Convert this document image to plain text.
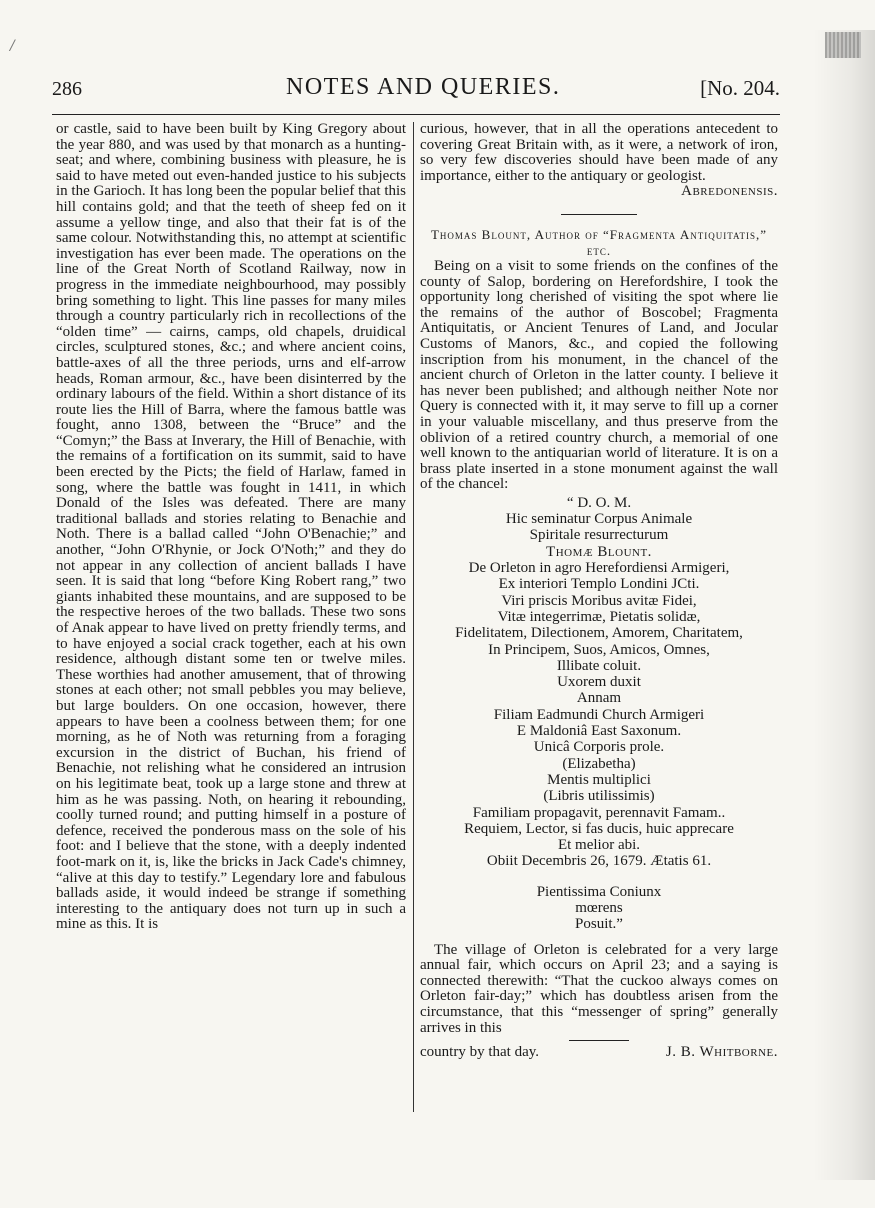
/
286	NOTES AND QUERIES.	[No. 204.

or castle, said to have been built by King Gregory about the year 880, and was used by that monarch as a hunting-seat; and where, combining business with pleasure, he is said to have meted out even-handed justice to his subjects in the Garioch. It has long been the popular belief that this hill contains gold; and that the teeth of sheep fed on it assume a yellow tinge, and also that their fat is of the same colour. Notwithstanding this, no attempt at scientific investigation has ever been made. The operations on the line of the Great North of Scotland Railway, now in progress in the immediate neighbourhood, may possibly bring something to light. This line passes for many miles through a country particularly rich in recollections of the “olden time” — cairns, camps, old chapels, druidical circles, sculptured stones, &c.; and where ancient coins, battle-axes of all the three periods, urns and elf-arrow heads, Roman armour, &c., have been disinterred by the ordinary labours of the field. Within a short distance of its route lies the Hill of Barra, where the famous battle was fought, anno 1308, between the “Bruce” and the “Comyn;” the Bass at Inverary, the Hill of Benachie, with the remains of a fortification on its summit, said to have been erected by the Picts; the field of Harlaw, famed in song, where the battle was fought in 1411, in which Donald of the Isles was defeated. There are many traditional ballads and stories relating to Benachie and Noth. There is a ballad called “John O'Benachie;” and another, “John O'Rhynie, or Jock O'Noth;” and they do not appear in any collection of ancient ballads I have seen. It is said that long “before King Robert rang,” two giants inhabited these mountains, and are supposed to be the respective heroes of the two ballads. These two sons of Anak appear to have lived on pretty friendly terms, and to have enjoyed a social crack together, each at his own residence, although distant some ten or twelve miles. These worthies had another amusement, that of throwing stones at each other; not small pebbles you may believe, but large boulders. On one occasion, however, there appears to have been a coolness between them; for one morning, as he of Noth was returning from a foraging excursion in the district of Buchan, his friend of Benachie, not relishing what he considered an intrusion on his legitimate beat, took up a large stone and threw at him as he was passing. Noth, on hearing it rebounding, coolly turned round; and putting himself in a posture of defence, received the ponderous mass on the sole of his foot: and I believe that the stone, with a deeply indented foot-mark on it, is, like the bricks in Jack Cade's chimney, “alive at this day to testify.” Legendary lore and fabulous ballads aside, it would indeed be strange if something interesting to the antiquary does not turn up in such a mine as this. It is

curious, however, that in all the operations antecedent to covering Great Britain with, as it were, a network of iron, so very few discoveries should have been made of any importance, either to the antiquary or geologist.

Abredonensis.

Thomas Blount, Author of “Fragmenta Antiquitatis,” etc.

Being on a visit to some friends on the confines of the county of Salop, bordering on Herefordshire, I took the opportunity long cherished of visiting the spot where lie the remains of the author of Boscobel; Fragmenta Antiquitatis, or Ancient Tenures of Land, and Jocular Customs of Manors, &c., and copied the following inscription from his monument, in the chancel of the ancient church of Orleton in the latter county. I believe it has never been published; and although neither Note nor Query is connected with it, it may serve to fill up a corner in your valuable miscellany, and thus preserve from the oblivion of a retired country church, a memorial of one well known to the antiquarian world of literature. It is on a brass plate inserted in a stone monument against the wall of the chancel:

“ D. O. M.
Hic seminatur Corpus Animale
Spiritale resurrecturum
Thomæ Blount.
De Orleton in agro Herefordiensi Armigeri,
Ex interiori Templo Londini JCti.
Viri priscis Moribus avitæ Fidei,
Vitæ integerrimæ, Pietatis solidæ,
Fidelitatem, Dilectionem, Amorem, Charitatem,
In Principem, Suos, Amicos, Omnes,
Illibate coluit.
Uxorem duxit
Annam
Filiam Eadmundi Church Armigeri
E Maldoniâ East Saxonum.
Unicâ Corporis prole.
(Elizabetha)
Mentis multiplici
(Libris utilissimis)
Familiam propagavit, perennavit Famam..
Requiem, Lector, si fas ducis, huic apprecare
Et melior abi.
Obiit Decembris 26, 1679. Ætatis 61.
Pientissima Coniunx
mœrens
Posuit.”

The village of Orleton is celebrated for a very large annual fair, which occurs on April 23; and a saying is connected therewith: “That the cuckoo always comes on Orleton fair-day;” which has doubtless arisen from the circumstance, that this “messenger of spring” generally arrives in this

country by that day.	J. B. Whitborne.
